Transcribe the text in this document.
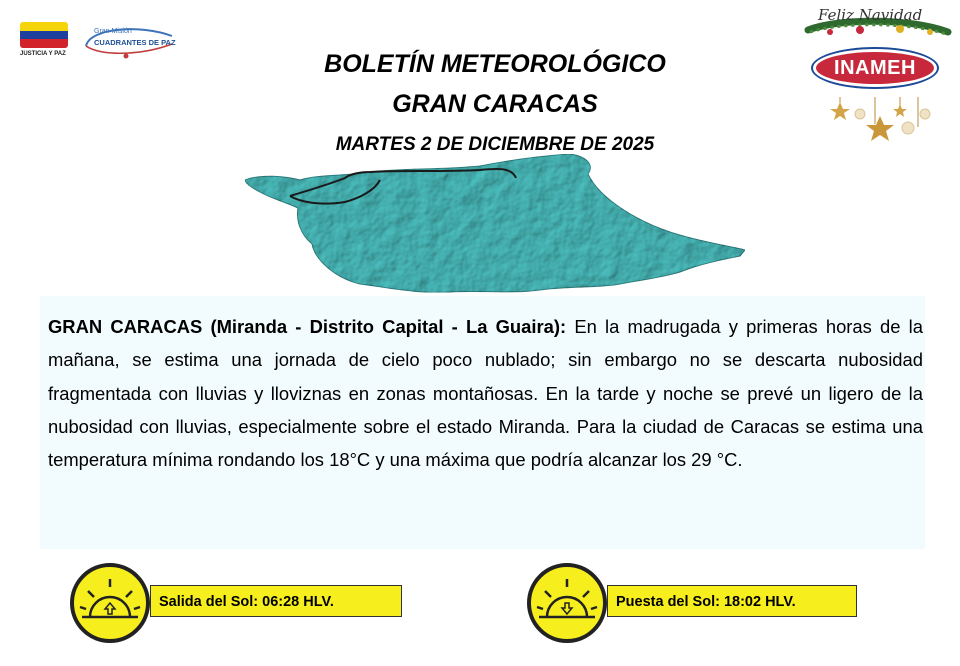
JUSTICIA Y PAZ
Gran Misión
CUADRANTES DE PAZ
Feliz Navidad
INAMEH
BOLETÍN METEOROLÓGICO
GRAN CARACAS
MARTES 2 DE DICIEMBRE DE 2025
GRAN CARACAS (Miranda - Distrito Capital - La Guaira): En la madrugada y primeras horas de la mañana, se estima una jornada de cielo poco nublado; sin embargo no se descarta nubosidad fragmentada con lluvias y lloviznas en zonas montañosas. En la tarde y noche se prevé un ligero de la nubosidad con lluvias, especialmente sobre el estado Miranda. Para la ciudad de Caracas se estima una temperatura mínima rondando los 18°C y una máxima que podría alcanzar los 29 °C.
Salida del Sol: 06:28 HLV.	Puesta del Sol: 18:02 HLV.
